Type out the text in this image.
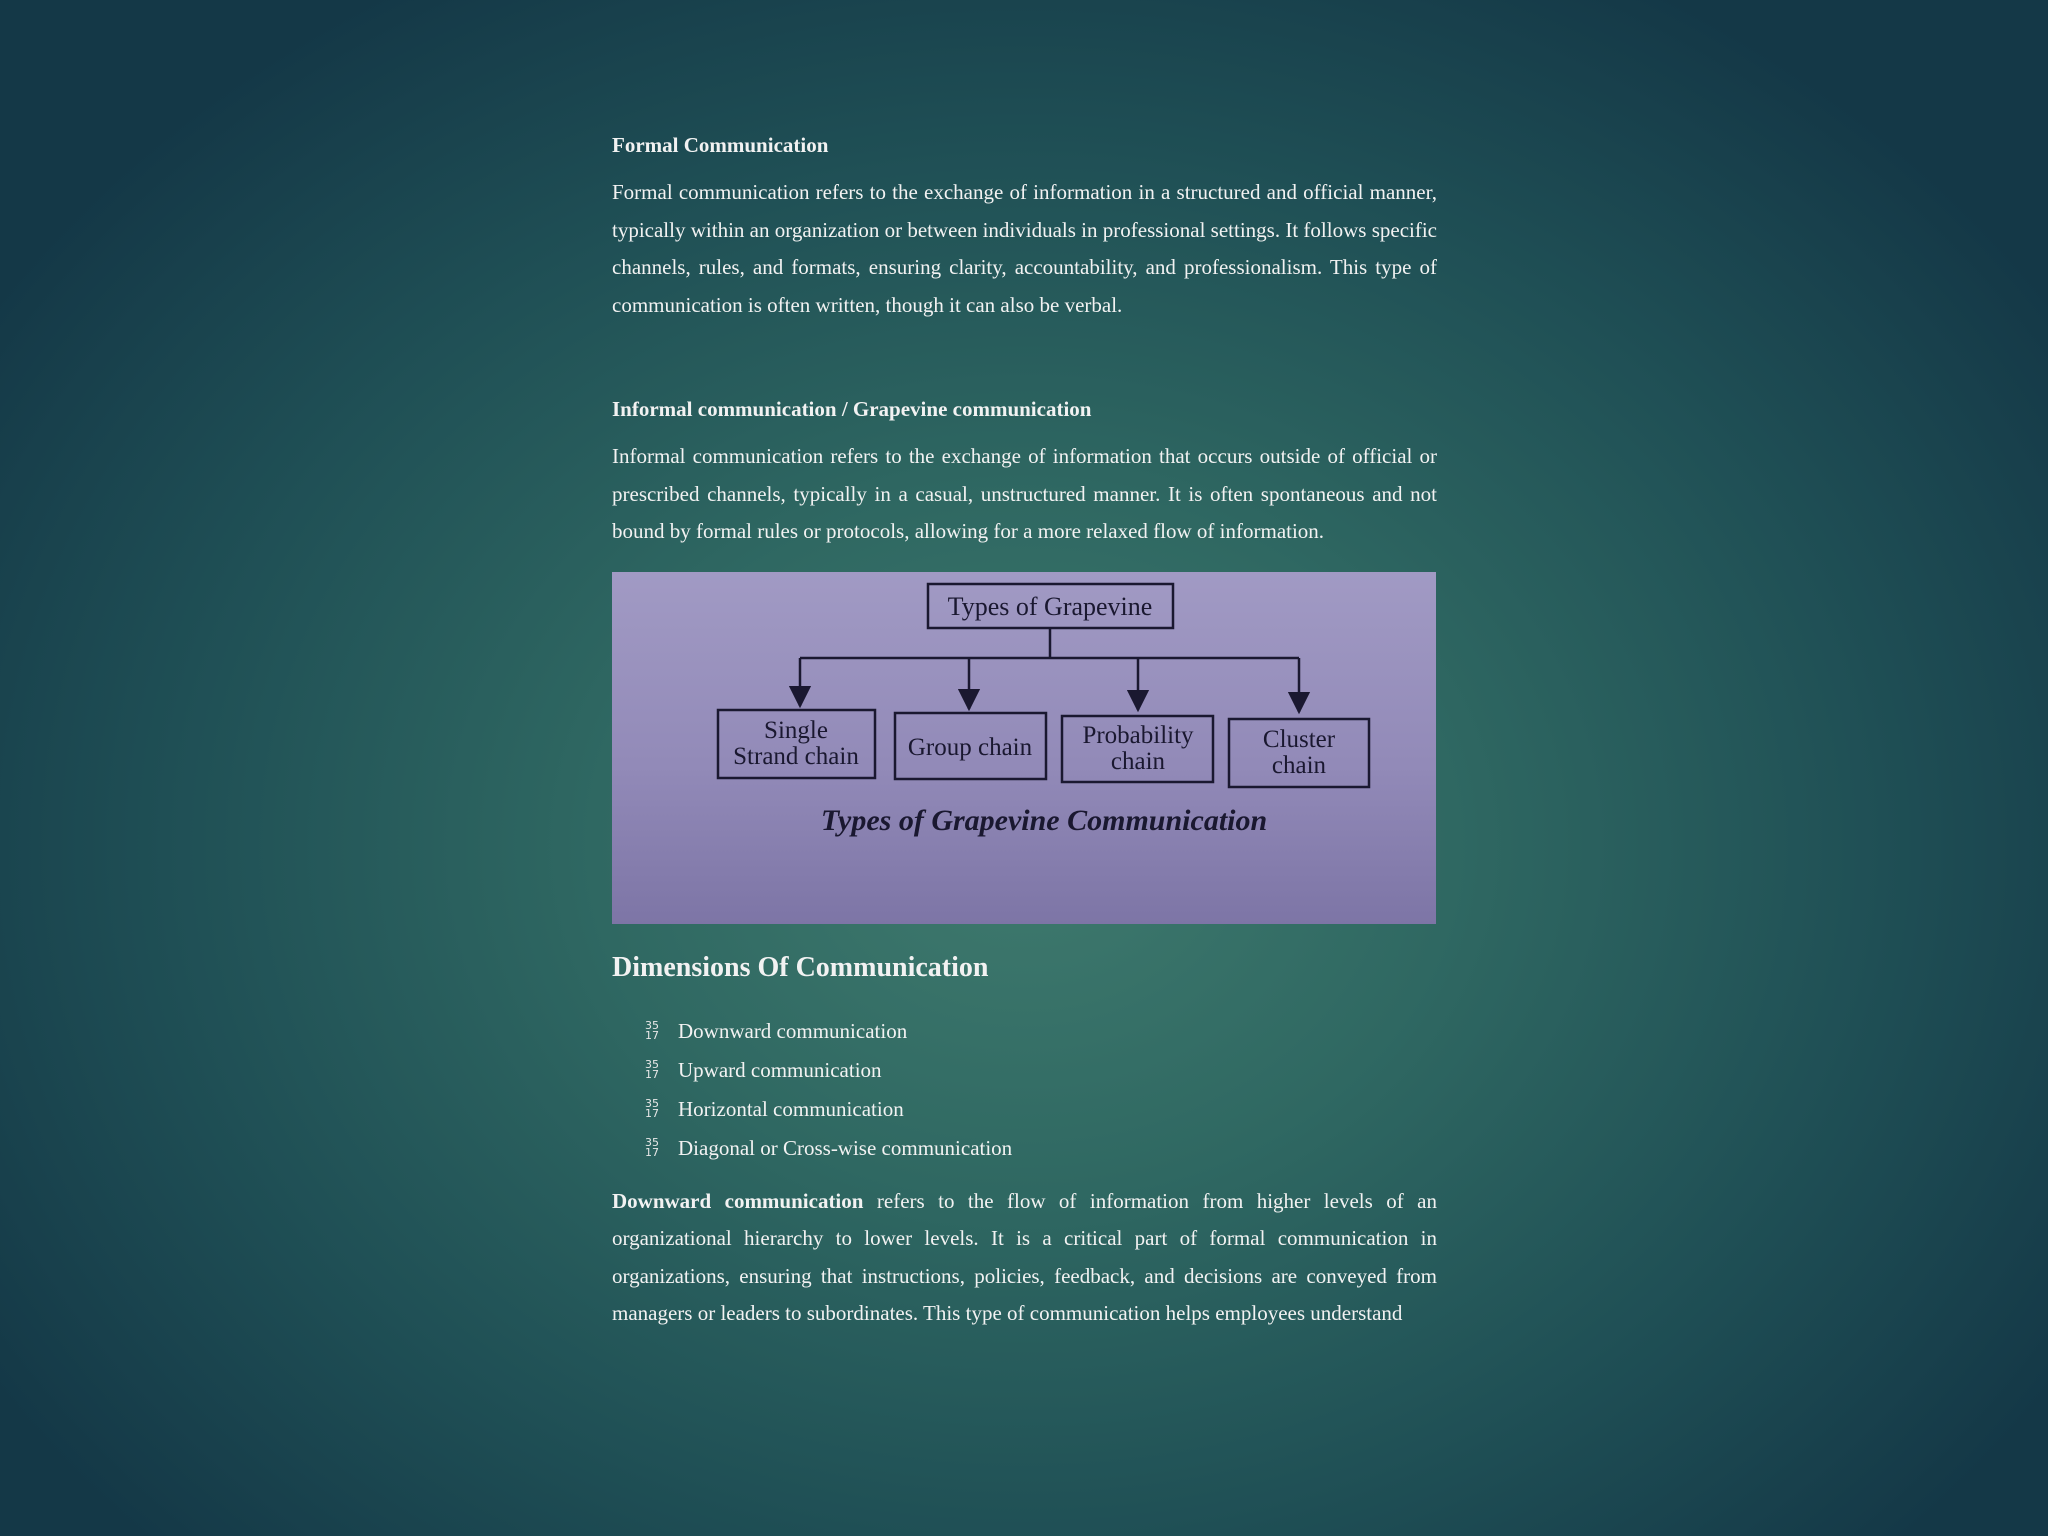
Formal Communication

Formal communication refers to the exchange of information in a structured and official manner, typically within an organization or between individuals in professional settings. It follows specific channels, rules, and formats, ensuring clarity, accountability, and professionalism. This type of communication is often written, though it can also be verbal.

Informal communication / Grapevine communication

Informal communication refers to the exchange of information that occurs outside of official or prescribed channels, typically in a casual, unstructured manner. It is often spontaneous and not bound by formal rules or protocols, allowing for a more relaxed flow of information.

Types of Grapevine
Single
Strand chain Group chain Probability
chain
Cluster
chain
Types of Grapevine Communication
Dimensions Of Communication
35
17 Downward communication
35
17 Upward communication
35
17 Horizontal communication
35
17 Diagonal or Cross-wise communication

Downward communication refers to the flow of information from higher levels of an organizational hierarchy to lower levels. It is a critical part of formal communication in organizations, ensuring that instructions, policies, feedback, and decisions are conveyed from managers or leaders to subordinates. This type of communication helps employees understand
